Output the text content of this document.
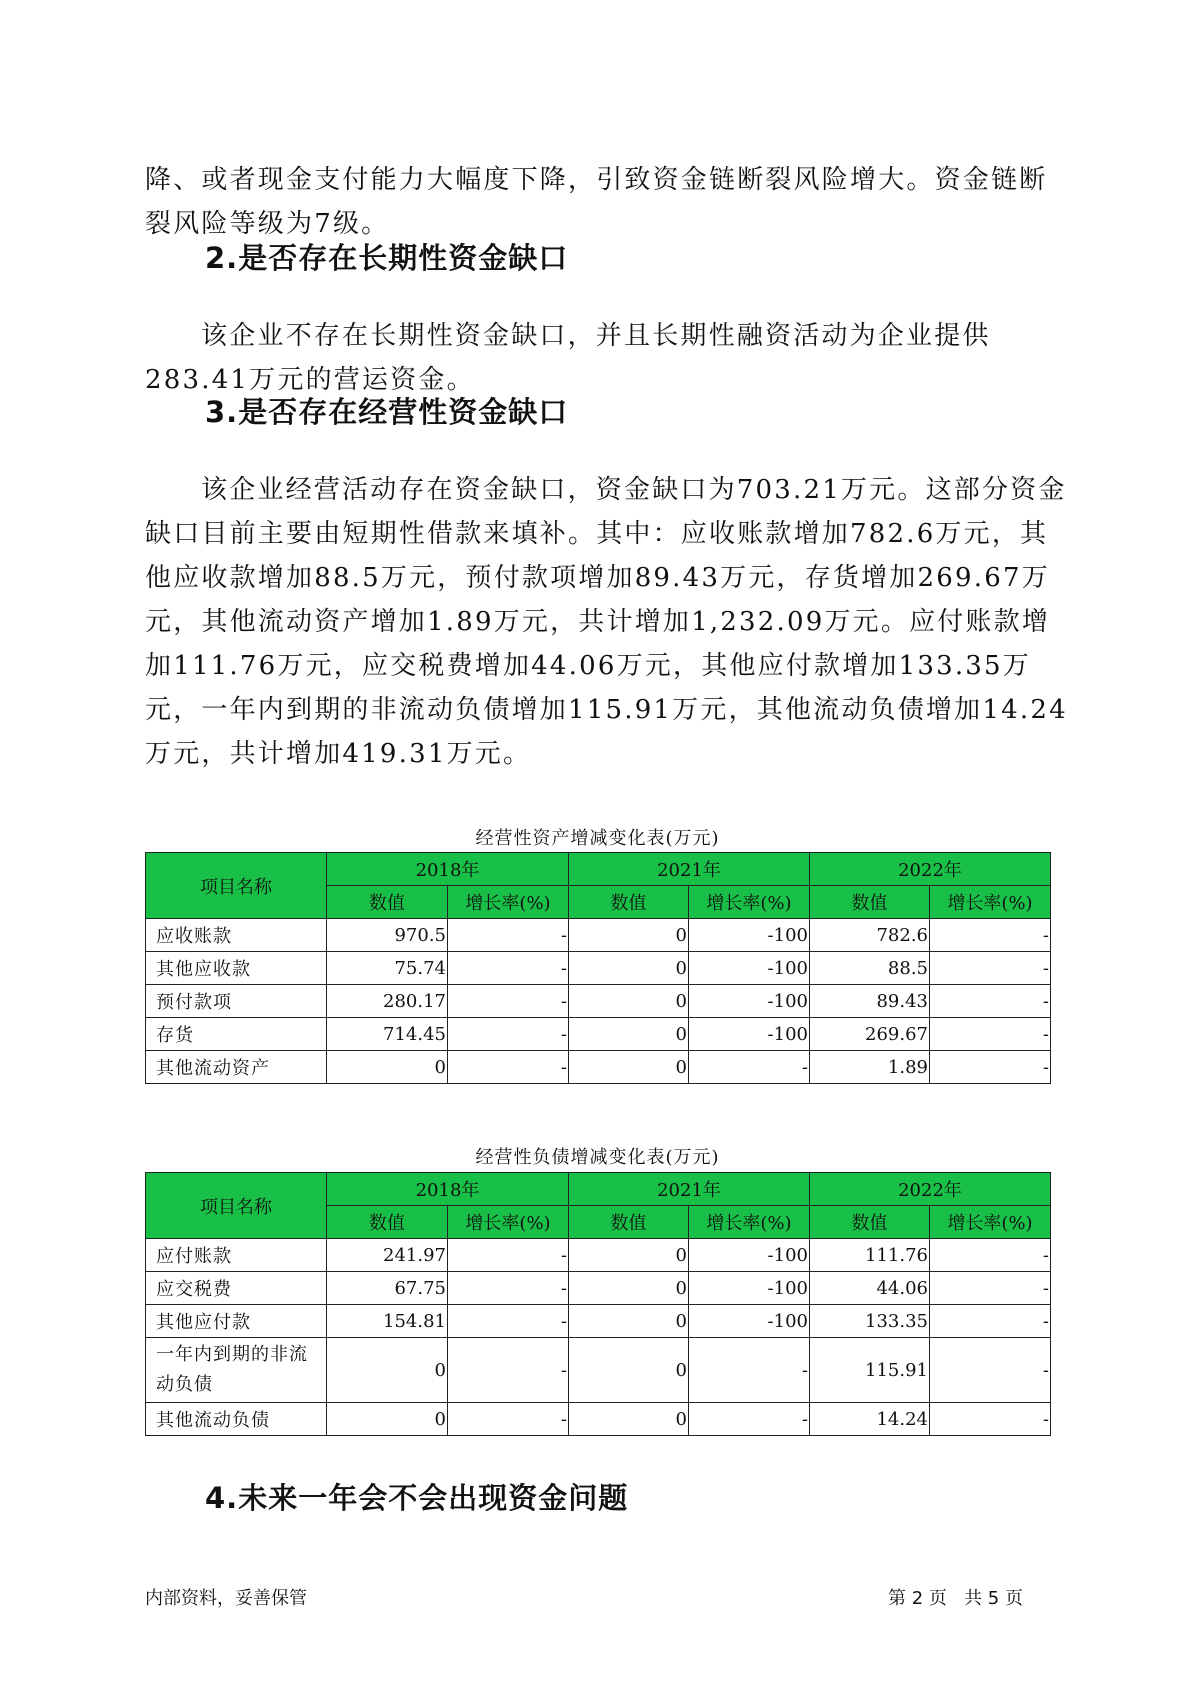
降、或者现金支付能力大幅度下降，引致资金链断裂风险增大。资金链断裂风险等级为7级。

2.是否存在长期性资金缺口

该企业不存在长期性资金缺口，并且长期性融资活动为企业提供283.41万元的营运资金。

3.是否存在经营性资金缺口

该企业经营活动存在资金缺口，资金缺口为703.21万元。这部分资金缺口目前主要由短期性借款来填补。其中：应收账款增加782.6万元，其他应收款增加88.5万元，预付款项增加89.43万元，存货增加269.67万元，其他流动资产增加1.89万元，共计增加1,232.09万元。应付账款增加111.76万元，应交税费增加44.06万元，其他应付款增加133.35万元，一年内到期的非流动负债增加115.91万元，其他流动负债增加14.24万元，共计增加419.31万元。

经营性资产增减变化表(万元)
项目名称	2018年		2021年		2022年	
	数值	增长率(%)	数值	增长率(%)	数值	增长率(%)
应收账款	970.5	-	0	-100	782.6	-
其他应收款	75.74	-	0	-100	88.5	-
预付款项	280.17	-	0	-100	89.43	-
存货	714.45	-	0	-100	269.67	-
其他流动资产	0	-	0	-	1.89	-
经营性负债增减变化表(万元)
项目名称	2018年		2021年		2022年	
	数值	增长率(%)	数值	增长率(%)	数值	增长率(%)
应付账款	241.97	-	0	-100	111.76	-
应交税费	67.75	-	0	-100	44.06	-
其他应付款	154.81	-	0	-100	133.35	-
一年内到期的非流动负债	0	-	0	-	115.91	-
其他流动负债	0	-	0	-	14.24	-
4.未来一年会不会出现资金问题
内部资料，妥善保管	第 2 页   共 5 页
